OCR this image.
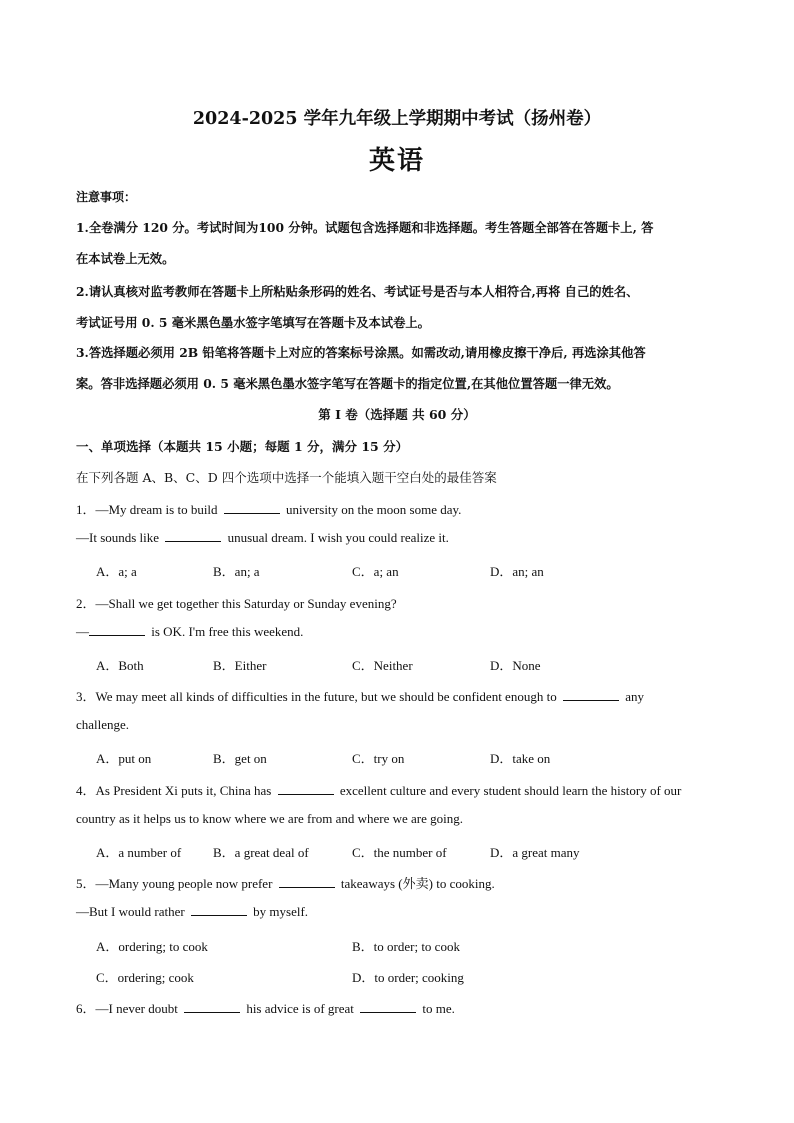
2024-2025 学年九年级上学期期中考试（扬州卷）
英语
注意事项：
1.全卷满分 120 分。考试时间为100 分钟。试题包含选择题和非选择题。考生答题全部答在答题卡上, 答
在本试卷上无效。
2.请认真核对监考教师在答题卡上所粘贴条形码的姓名、考试证号是否与本人相符合,再将 自己的姓名、
考试证号用 0. 5 毫米黑色墨水签字笔填写在答题卡及本试卷上。
3.答选择题必须用 2B 铅笔将答题卡上对应的答案标号涂黑。如需改动,请用橡皮擦干净后, 再选涂其他答
案。答非选择题必须用 0. 5 毫米黑色墨水签字笔写在答题卡的指定位置,在其他位置答题一律无效。
第 I 卷（选择题 共 60 分）
一、单项选择（本题共 15 小题；每题 1 分，满分 15 分）
在下列各题 A、B、C、D 四个选项中选择一个能填入题干空白处的最佳答案
1．—My dream is to build	university on the moon some day.
—It sounds like	unusual dream. I wish you could realize it.
A．a; a	B．an; a	C．a; an	D．an; an
2．—Shall we get together this Saturday or Sunday evening?
—	is OK. I'm free this weekend.
A．Both	B．Either	C．Neither	D．None
3．We may meet all kinds of difficulties in the future, but we should be confident enough to	any
challenge.
A．put on	B．get on	C．try on	D．take on
4．As President Xi puts it, China has	excellent culture and every student should learn the history of our
country as it helps us to know where we are from and where we are going.
A．a number of B．a great deal of	C．the number of	D．a great many
5．—Many young people now prefer	takeaways (外卖) to cooking.
—But I would rather	by myself.
A．ordering; to cook	B．to order; to cook
C．ordering; cook	D．to order; cooking
6．—I never doubt	his advice is of great	to me.
